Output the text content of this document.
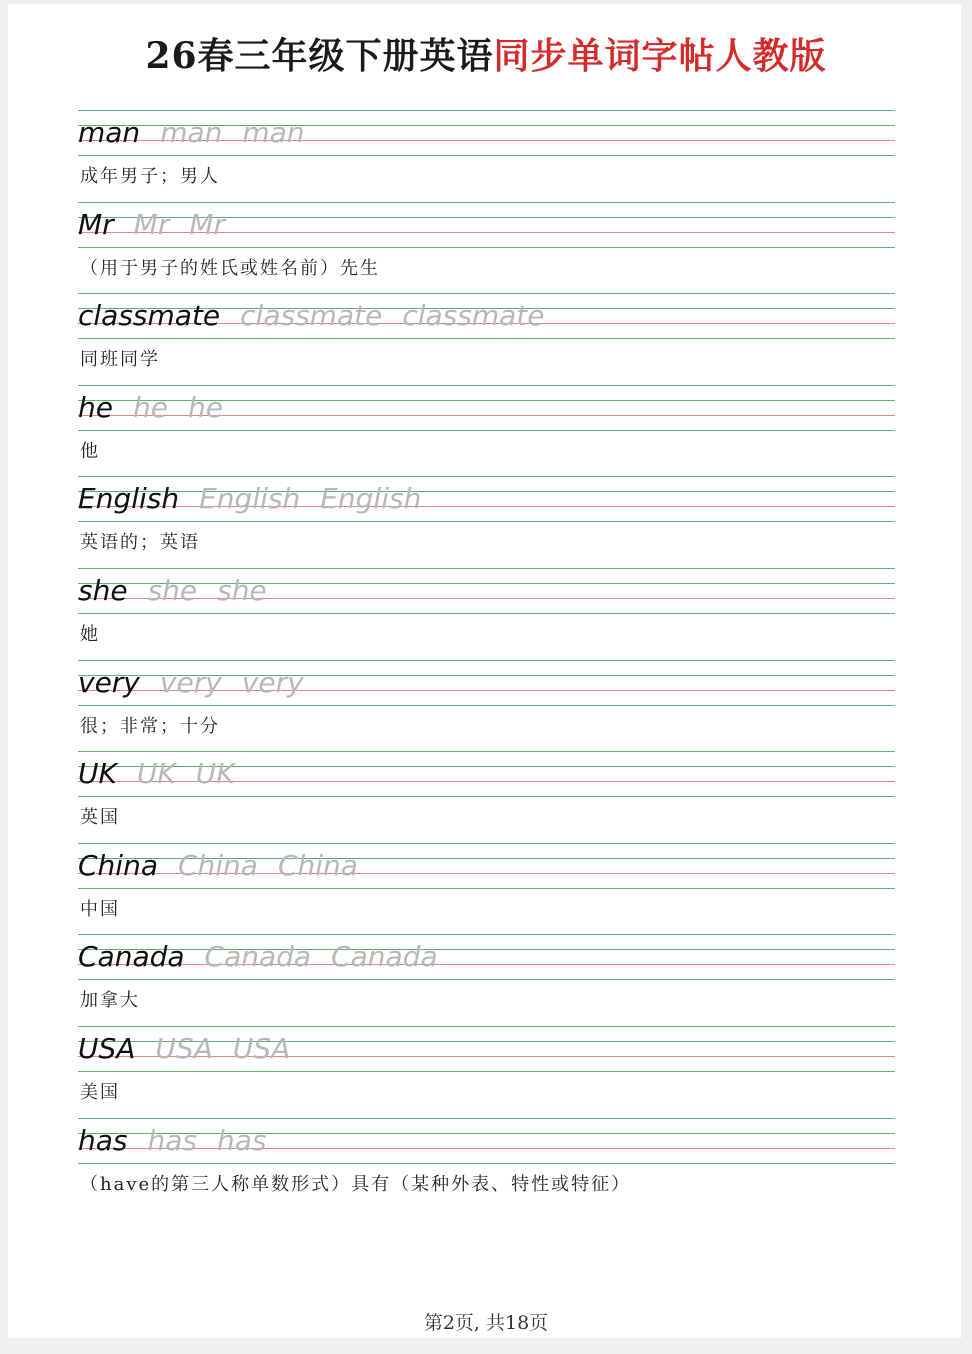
26春三年级下册英语同步单词字帖人教版
man man man
成年男子；男人
Mr Mr Mr
（用于男子的姓氏或姓名前）先生
classmate classmate classmate
同班同学
he he he
他
English English English
英语的；英语
she she she
她
very very very
很；非常；十分
UK UK UK
英国
China China China
中国
Canada Canada Canada
加拿大
USA USA USA
美国
has has has
（have的第三人称单数形式）具有（某种外表、特性或特征）
第2页, 共18页
